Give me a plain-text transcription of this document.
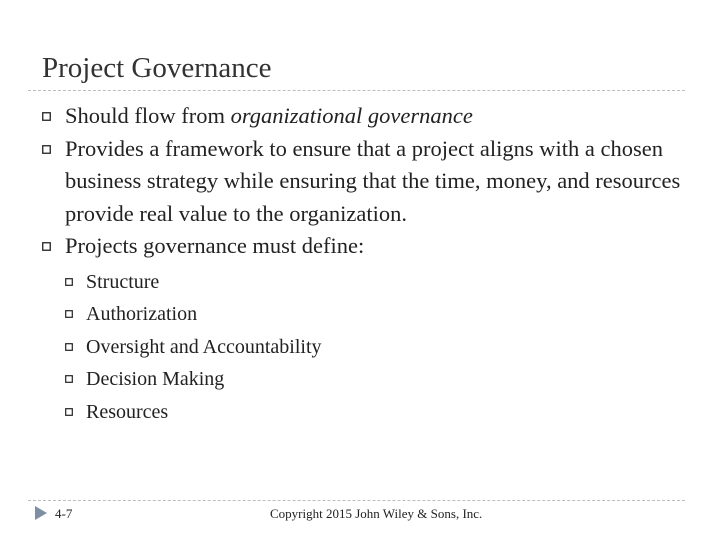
Project Governance
Should flow from organizational governance
Provides a framework to ensure that a project aligns with a chosen business strategy while ensuring that the time, money, and resources provide real value to the organization.
Projects governance must define:
Structure
Authorization
Oversight and Accountability
Decision Making
Resources
4-7	Copyright 2015 John Wiley & Sons, Inc.
